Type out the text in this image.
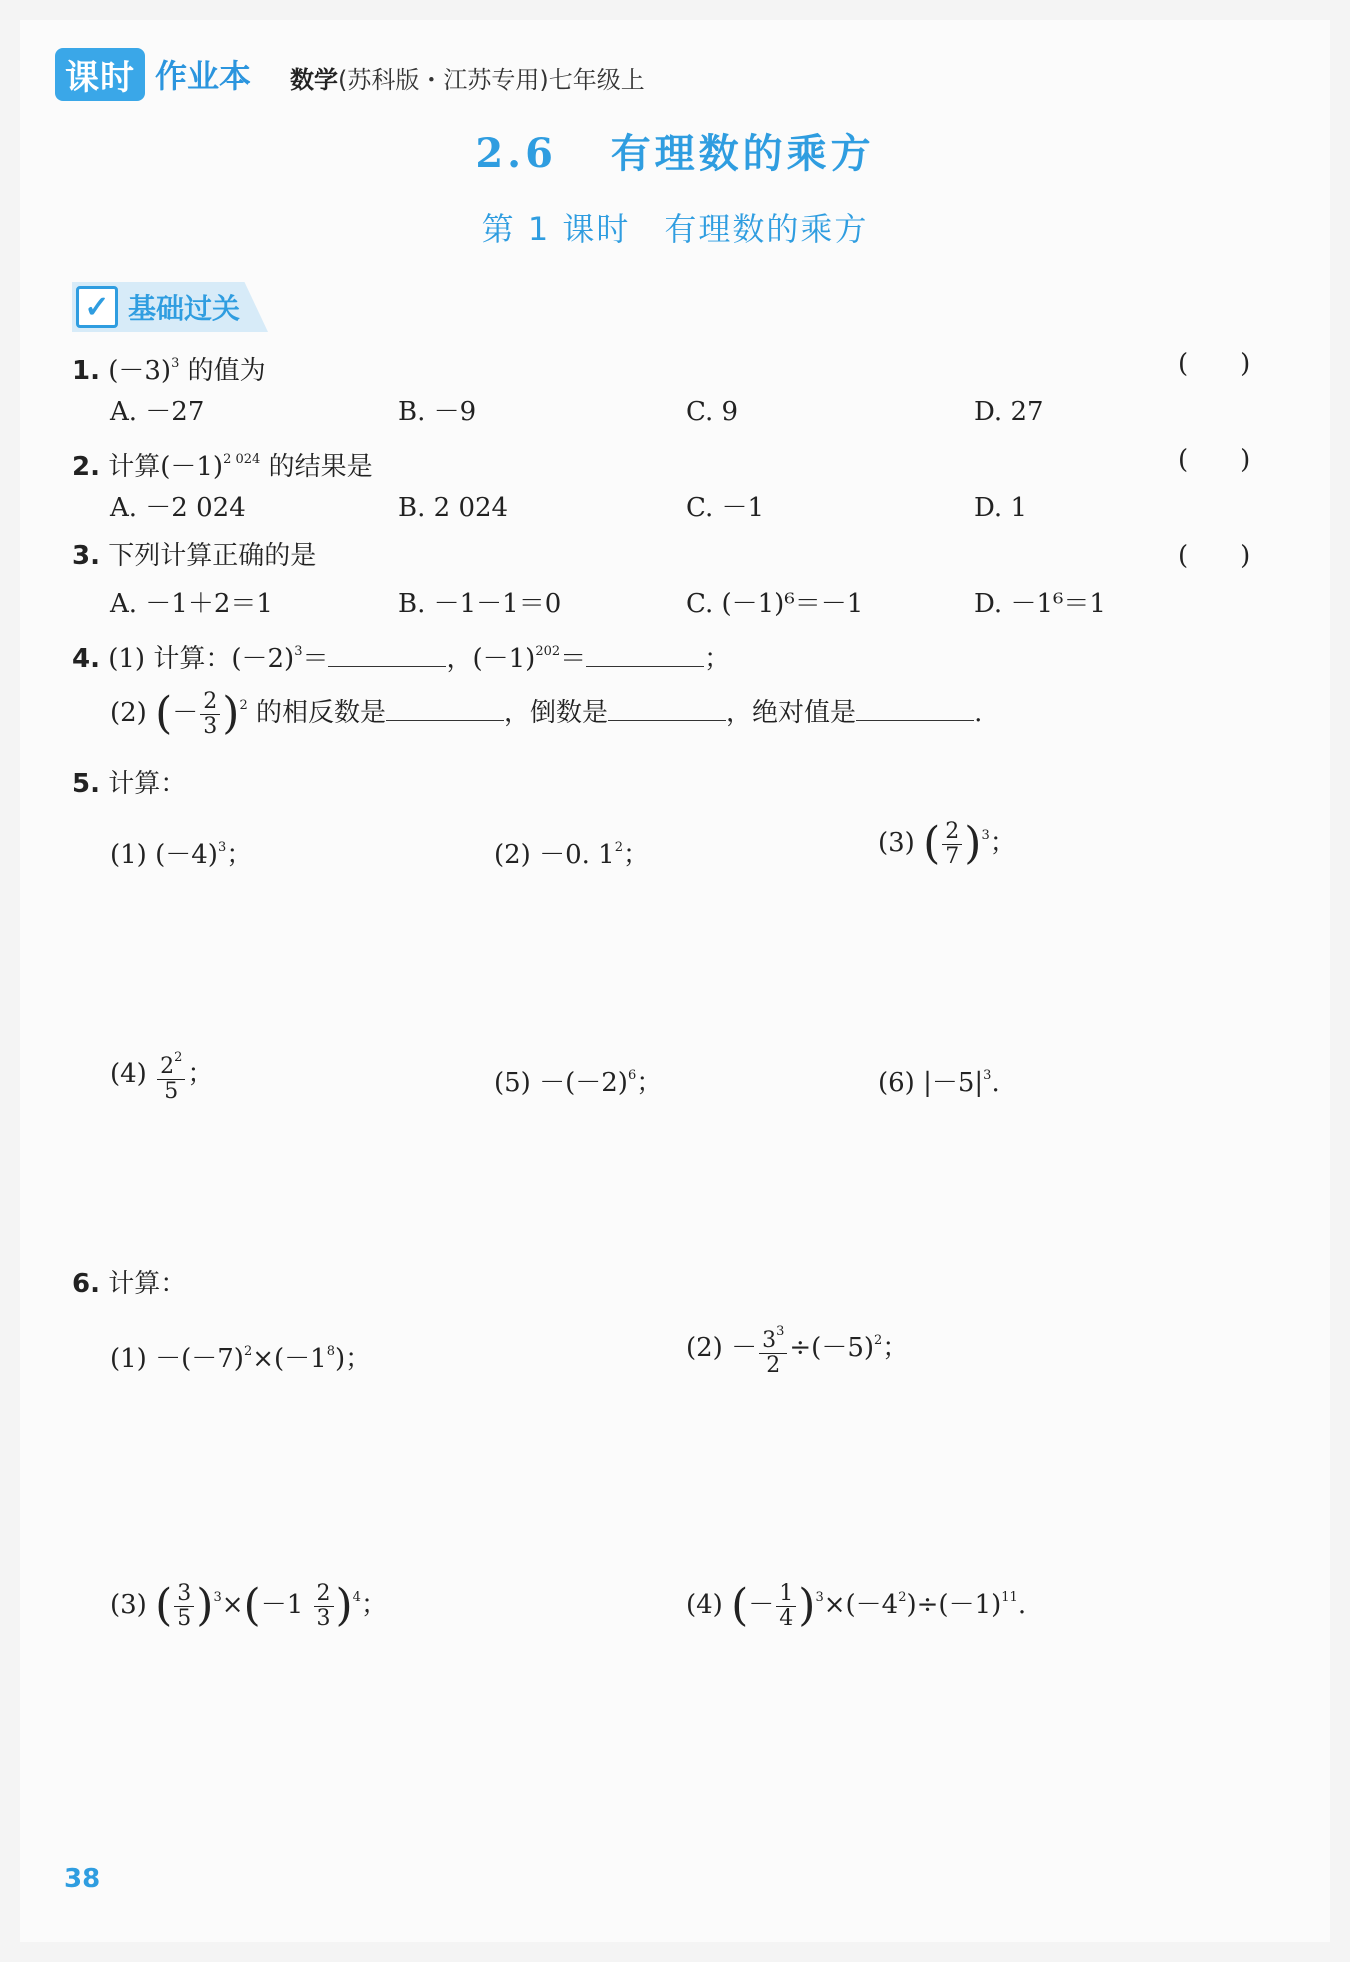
课时 作业本 数学(苏科版・江苏专用)七年级上
2.6 有理数的乘方
第 1 课时　有理数的乘方
✓ 基础过关
1. $(-3)^3$ 的值为	(　　)
A. －27	B. －9	C. 9	D. 27
2. 计算$(-1)^{2 024}$ 的结果是	(　　)
A. －2 024	B. 2 024	C. －1	D. 1
3. 下列计算正确的是	(　　)
A. －1＋2＝1	B. －1－1＝0	C. (－1)⁶＝－1	D. －1⁶＝1
4. (1) 计算：$(-2)^3=$	，$(-1)^{202}=$	；
(2) (－ $\frac{2}{3} )^2$ 的相反数是	，倒数是	，绝对值是	.
5. 计算：
(1) $(-4)^3$；	(2) －0. $1^2$；	(3) ( $\frac{2}{7} )^3$；
$(4) \frac{2^2}{5}$ ；	$(5) -(-2)^6$；	(6) $|-5|^3$.
6. 计算：
$(1) -(-7)^2\times(-1^8)$；	$(2) - \frac{3^3}{2} \div(-5)^2$；
(3) ( $\frac{3}{5} )^3\times(-1 \frac{2}{3} )^4$；	(4) (－ $\frac{1}{4} )^3\times(-4^2)\div(-1)^{11}$.
38
